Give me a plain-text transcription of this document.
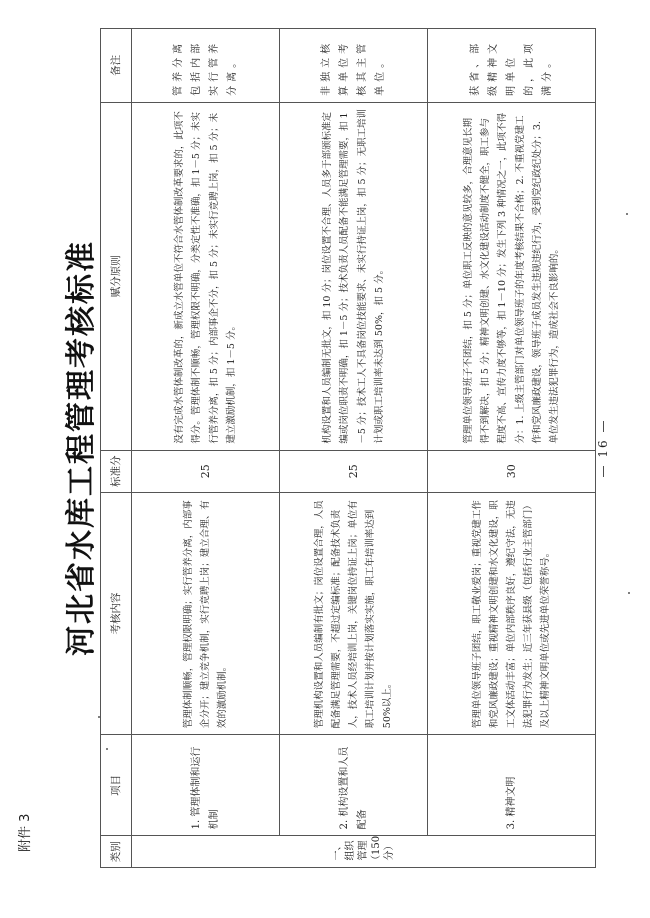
附件 3
河北省水库工程管理考核标准
类别	项目	考核内容	标准分	赋分原则	备注
一、组织管理（150 分）	1. 管理体制和运行机制	管理体制顺畅，管理权限明确；实行管养分离，内部事企分开；建立竞争机制，实行竞聘上岗；建立合理、有效的激励机制。	25	没有完成水管体制改革的，新成立水管单位不符合水管体制改革要求的，此项不得分。管理体制不顺畅，管理权限不明确，分类定性不准确，扣 1－5 分；未实行管养分离，扣 5 分；内部事企不分，扣 5 分；未实行竞聘上岗，扣 5 分；未建立激励机制，扣 1－5 分。	管养分离包括内部实行管养分离。
	2. 机构设置和人员配备	管理机构设置和人员编制有批文；岗位设置合理，人员配备满足管理需要，不超过定编标准；配备技术负责人，技术人员经培训上岗，关键岗位持证上岗；单位有职工培训计划并按计划落实实施，职工年培训率达到 50%以上。	25	机构设置和人员编制无批文，扣 10 分；岗位设置不合理、人员多于部颁标准定编或岗位职责不明确，扣 1－5 分；技术负责人员配备不能满足管理需要，扣 1－5 分；技术工人不具备岗位技能要求、未实行持证上岗，扣 5 分；无职工培训计划或职工培训率未达到 50%，扣 5 分。	非独立核算单位考核其主管单位。
	3. 精神文明	管理单位领导班子团结，职工敬业爱岗；重视党建工作和党风廉政建设；重视精神文明创建和水文化建设，职工文体活动丰富；单位内部秩序良好，遵纪守法，无违法犯罪行为发生；近三年获县级（包括行业主管部门）及以上精神文明单位或先进单位荣誉称号。	30	管理单位领导班子不团结，扣 5 分；单位职工反映的意见较多，合理意见长期得不到解决，扣 5 分；精神文明创建、水文化建设活动制度不健全，职工参与程度不高、宣传力度不够等，扣 1－10 分；发生下列 3 种情况之一，此项不得分：1. 上级主管部门对单位领导班子的年度考核结果不合格；2. 不重视党建工作和党风廉政建设，领导班子成员发生违规违纪行为，受到党纪政纪处分；3. 单位发生违法犯罪行为，造成社会不良影响的。	获省、部级精神文明单位的，此项满分。
— 16 —
